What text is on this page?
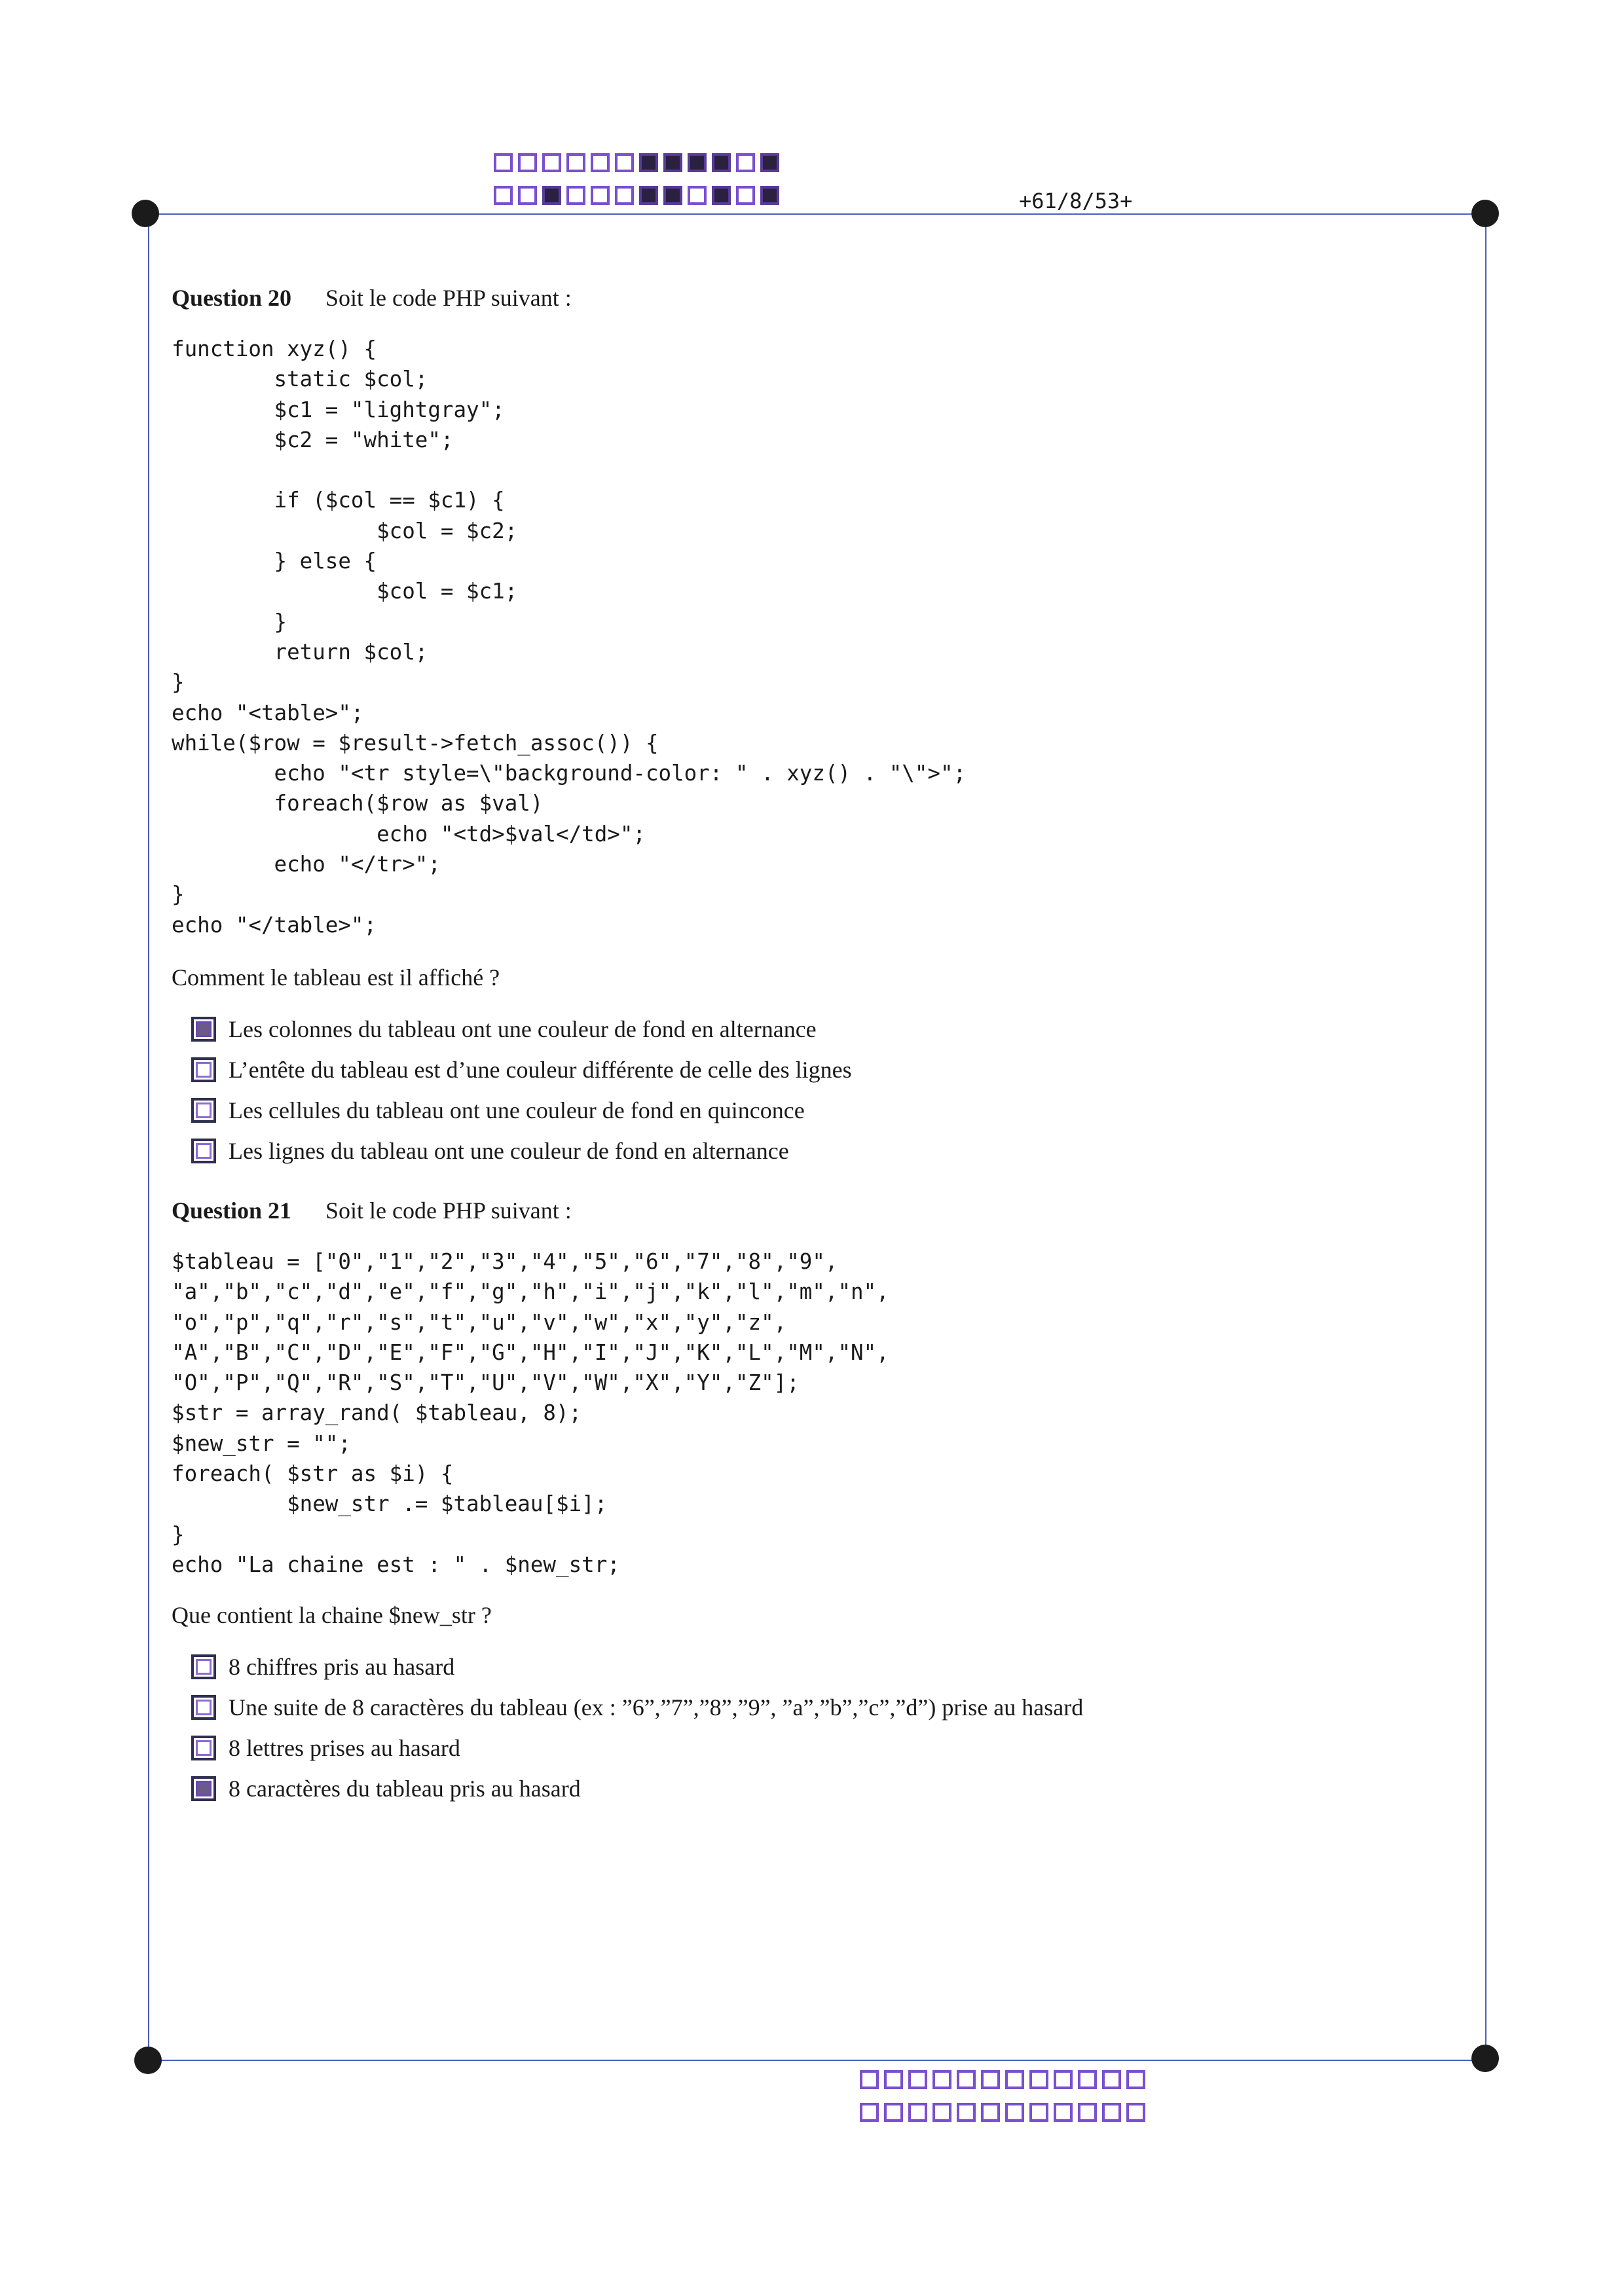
+61/8/53+
Question 20 Soit le code PHP suivant :
function xyz() {
static $col;
$c1 = "lightgray";
$c2 = "white";

if ($col == $c1) {
$col = $c2;
} else {
$col = $c1;
}
return $col;
}
echo "<table>";
while($row = $result->fetch_assoc()) {
echo "<tr style=\"background-color: " . xyz() . "\">";
foreach($row as $val)
echo "<td>$val</td>";
echo "</tr>";
}
echo "</table>";
Comment le tableau est il affiché ?
Les colonnes du tableau ont une couleur de fond en alternance
L’entête du tableau est d’une couleur différente de celle des lignes
Les cellules du tableau ont une couleur de fond en quinconce
Les lignes du tableau ont une couleur de fond en alternance
Question 21 Soit le code PHP suivant :
$tableau = ["0","1","2","3","4","5","6","7","8","9",
"a","b","c","d","e","f","g","h","i","j","k","l","m","n",
"o","p","q","r","s","t","u","v","w","x","y","z",
"A","B","C","D","E","F","G","H","I","J","K","L","M","N",
"O","P","Q","R","S","T","U","V","W","X","Y","Z"];
$str = array_rand( $tableau, 8);
$new_str = "";
foreach( $str as $i) {
$new_str .= $tableau[$i];
}
echo "La chaine est : " . $new_str;
Que contient la chaine $new_str ?
8 chiffres pris au hasard
Une suite de 8 caractères du tableau (ex : ”6”,”7”,”8”,”9”, ”a”,”b”,”c”,”d”) prise au hasard
8 lettres prises au hasard
8 caractères du tableau pris au hasard
